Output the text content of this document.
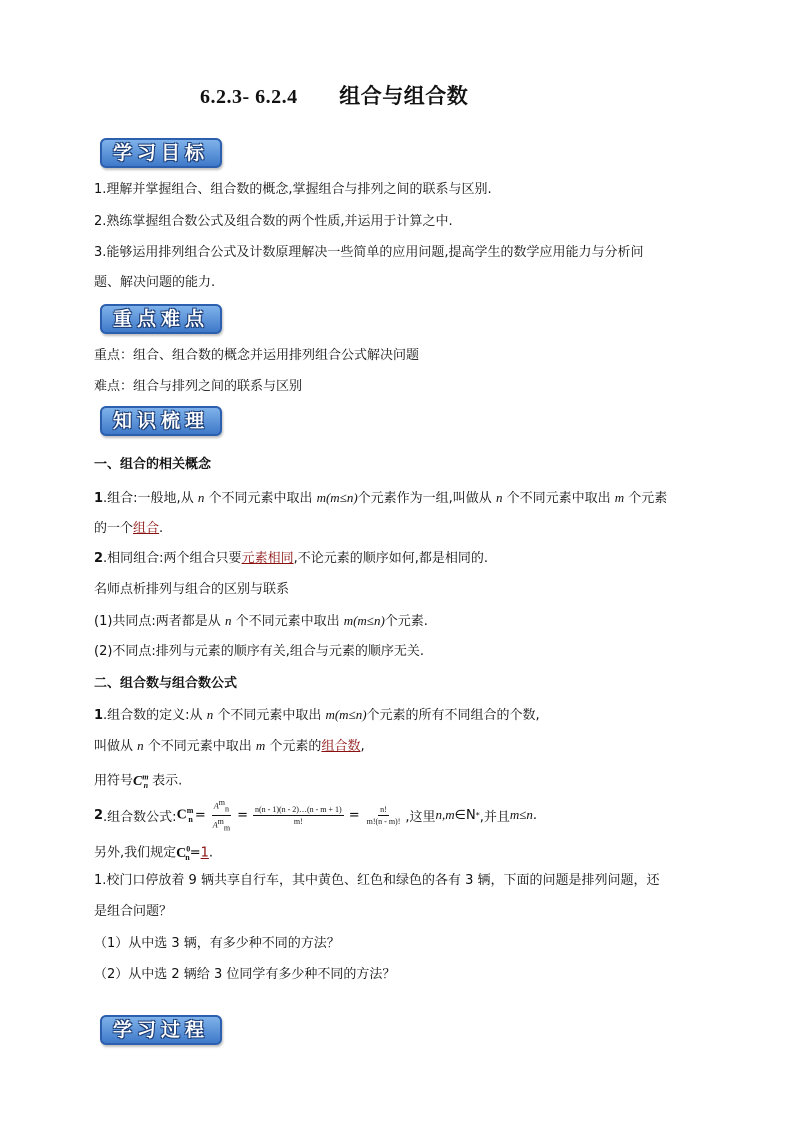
6.2.3- 6.2.4 组合与组合数
学习目标
1.理解并掌握组合、组合数的概念,掌握组合与排列之间的联系与区别.
2.熟练掌握组合数公式及组合数的两个性质,并运用于计算之中.
3.能够运用排列组合公式及计数原理解决一些简单的应用问题,提高学生的数学应用能力与分析问
题、解决问题的能力.
重点难点
重点：组合、组合数的概念并运用排列组合公式解决问题
难点：组合与排列之间的联系与区别
知识梳理
一、组合的相关概念
1.组合:一般地,从 n 个不同元素中取出 m(m≤n)个元素作为一组,叫做从 n 个不同元素中取出 m 个元素
的一个组合.
2.相同组合:两个组合只要元素相同,不论元素的顺序如何,都是相同的.
名师点析排列与组合的区别与联系
(1)共同点:两者都是从 n 个不同元素中取出 m(m≤n)个元素.
(2)不同点:排列与元素的顺序有关,组合与元素的顺序无关.
二、组合数与组合数公式
1.组合数的定义:从 n 个不同元素中取出 m(m≤n)个元素的所有不同组合的个数,
叫做从 n 个不同元素中取出 m 个元素的组合数,
用符号$C^m_n$ 表示.
2 .组合数公式: $C^m_n = \frac{A^m_n}{A^m_m} = \frac{n(n - 1)(n - 2)\dots(n - m + 1)}{m!} = \frac{n!}{m!(n - m)!}$ ,这里 n,m ∈N * ,并且 m≤n .
另外,我们规定$C^0_n=1$.
1.校门口停放着 9 辆共享自行车，其中黄色、红色和绿色的各有 3 辆，下面的问题是排列问题，还
是组合问题？
（1）从中选 3 辆，有多少种不同的方法？
（2）从中选 2 辆给 3 位同学有多少种不同的方法？
学习过程
